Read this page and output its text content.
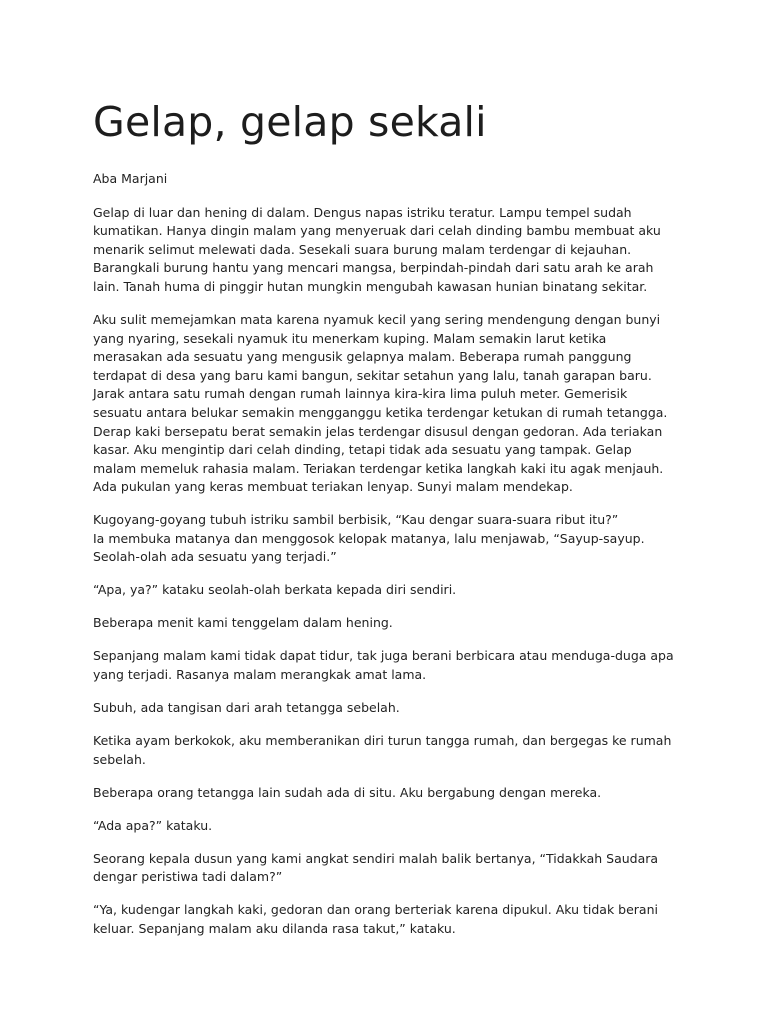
Gelap, gelap sekali

Aba Marjani

Gelap di luar dan hening di dalam. Dengus napas istriku teratur. Lampu tempel sudah
kumatikan. Hanya dingin malam yang menyeruak dari celah dinding bambu membuat aku
menarik selimut melewati dada. Sesekali suara burung malam terdengar di kejauhan.
Barangkali burung hantu yang mencari mangsa, berpindah-pindah dari satu arah ke arah
lain. Tanah huma di pinggir hutan mungkin mengubah kawasan hunian binatang sekitar.

Aku sulit memejamkan mata karena nyamuk kecil yang sering mendengung dengan bunyi
yang nyaring, sesekali nyamuk itu menerkam kuping. Malam semakin larut ketika
merasakan ada sesuatu yang mengusik gelapnya malam. Beberapa rumah panggung
terdapat di desa yang baru kami bangun, sekitar setahun yang lalu, tanah garapan baru.
Jarak antara satu rumah dengan rumah lainnya kira-kira lima puluh meter. Gemerisik
sesuatu antara belukar semakin mengganggu ketika terdengar ketukan di rumah tetangga.
Derap kaki bersepatu berat semakin jelas terdengar disusul dengan gedoran. Ada teriakan
kasar. Aku mengintip dari celah dinding, tetapi tidak ada sesuatu yang tampak. Gelap
malam memeluk rahasia malam. Teriakan terdengar ketika langkah kaki itu agak menjauh.
Ada pukulan yang keras membuat teriakan lenyap. Sunyi malam mendekap.

Kugoyang-goyang tubuh istriku sambil berbisik, “Kau dengar suara-suara ribut itu?”
Ia membuka matanya dan menggosok kelopak matanya, lalu menjawab, “Sayup-sayup.
Seolah-olah ada sesuatu yang terjadi.”

“Apa, ya?” kataku seolah-olah berkata kepada diri sendiri.

Beberapa menit kami tenggelam dalam hening.

Sepanjang malam kami tidak dapat tidur, tak juga berani berbicara atau menduga-duga apa
yang terjadi. Rasanya malam merangkak amat lama.

Subuh, ada tangisan dari arah tetangga sebelah.

Ketika ayam berkokok, aku memberanikan diri turun tangga rumah, dan bergegas ke rumah
sebelah.

Beberapa orang tetangga lain sudah ada di situ. Aku bergabung dengan mereka.

“Ada apa?” kataku.

Seorang kepala dusun yang kami angkat sendiri malah balik bertanya, “Tidakkah Saudara
dengar peristiwa tadi dalam?”

“Ya, kudengar langkah kaki, gedoran dan orang berteriak karena dipukul. Aku tidak berani
keluar. Sepanjang malam aku dilanda rasa takut,” kataku.
